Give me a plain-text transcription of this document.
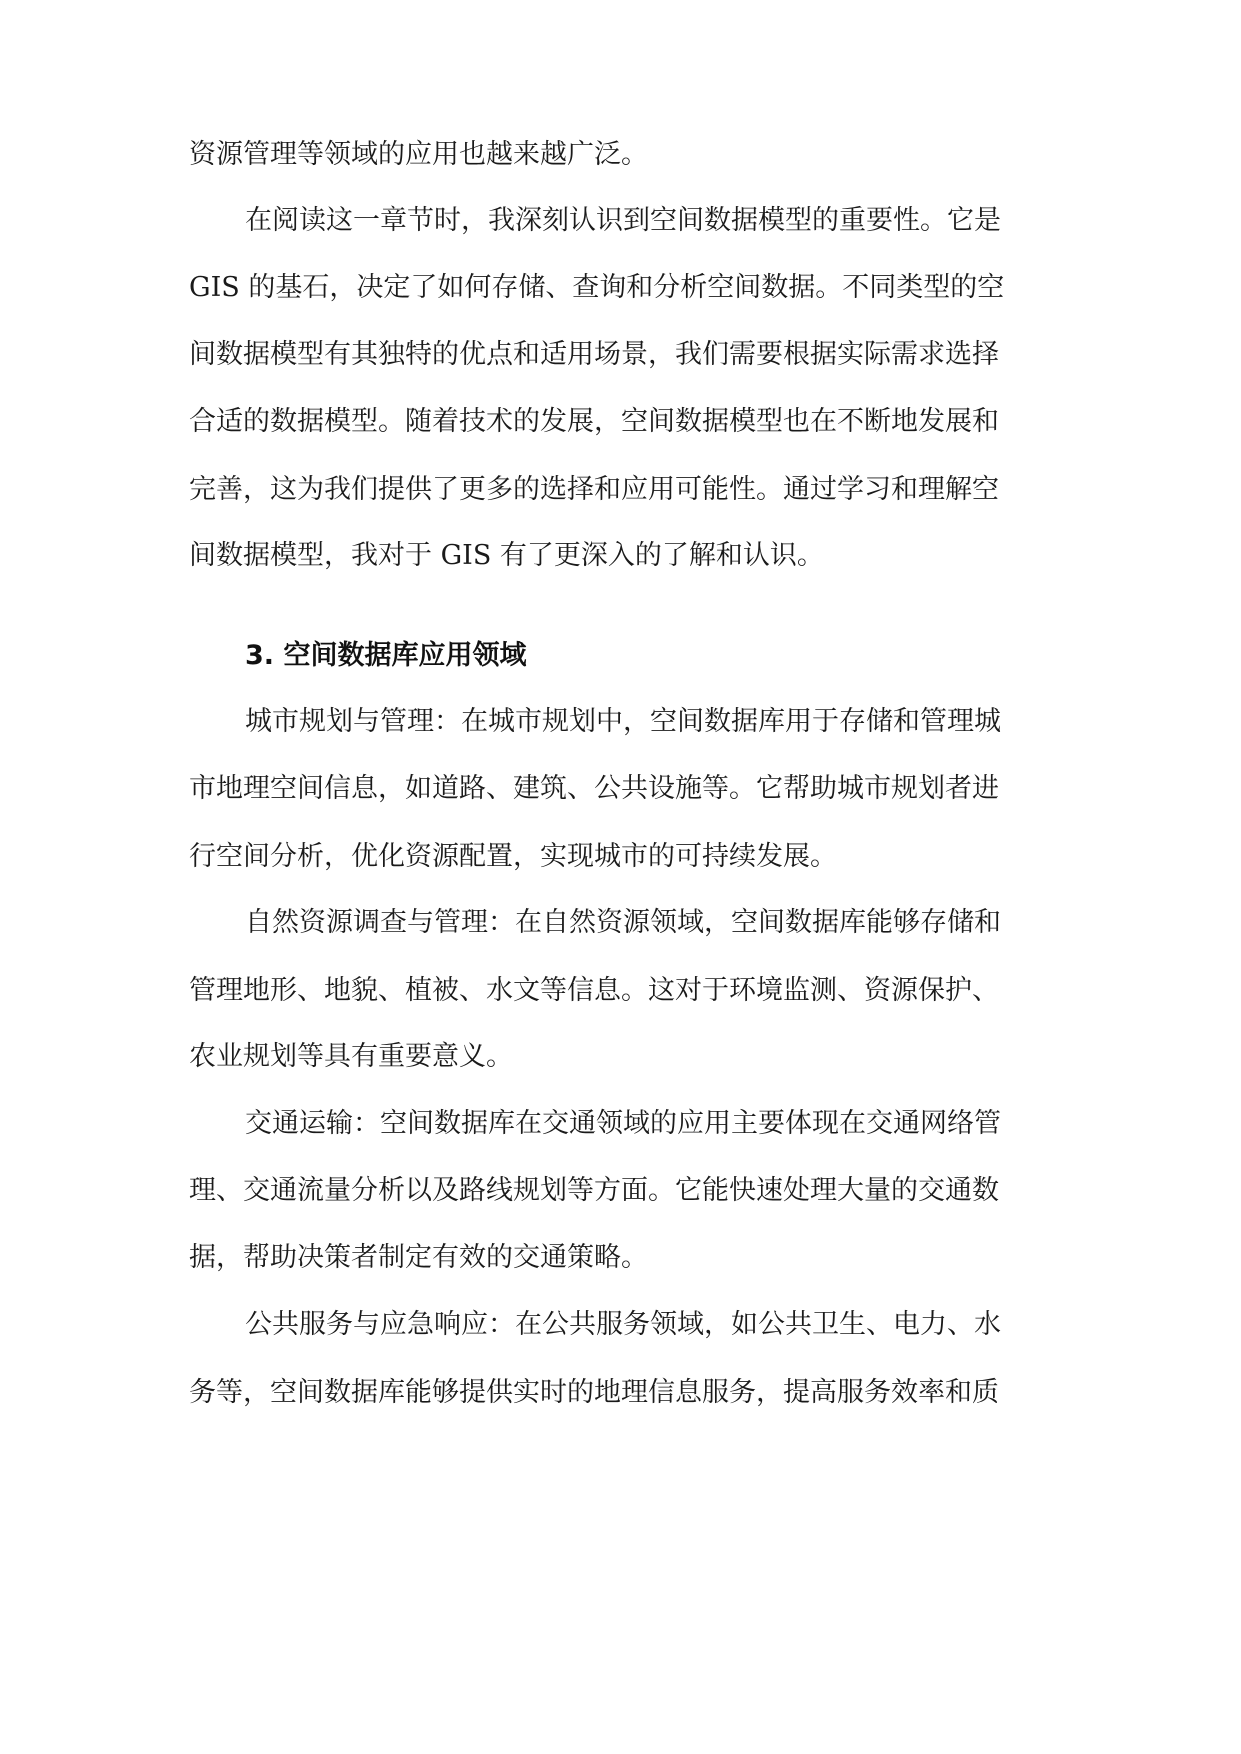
资源管理等领域的应用也越来越广泛。

在阅读这一章节时，我深刻认识到空间数据模型的重要性。它是

GIS 的基石，决定了如何存储、查询和分析空间数据。不同类型的空

间数据模型有其独特的优点和适用场景，我们需要根据实际需求选择

合适的数据模型。随着技术的发展，空间数据模型也在不断地发展和

完善，这为我们提供了更多的选择和应用可能性。通过学习和理解空

间数据模型，我对于 GIS 有了更深入的了解和认识。

3. 空间数据库应用领域

城市规划与管理：在城市规划中，空间数据库用于存储和管理城

市地理空间信息，如道路、建筑、公共设施等。它帮助城市规划者进

行空间分析，优化资源配置，实现城市的可持续发展。

自然资源调查与管理：在自然资源领域，空间数据库能够存储和

管理地形、地貌、植被、水文等信息。这对于环境监测、资源保护、

农业规划等具有重要意义。

交通运输：空间数据库在交通领域的应用主要体现在交通网络管

理、交通流量分析以及路线规划等方面。它能快速处理大量的交通数

据，帮助决策者制定有效的交通策略。

公共服务与应急响应：在公共服务领域，如公共卫生、电力、水

务等，空间数据库能够提供实时的地理信息服务，提高服务效率和质
